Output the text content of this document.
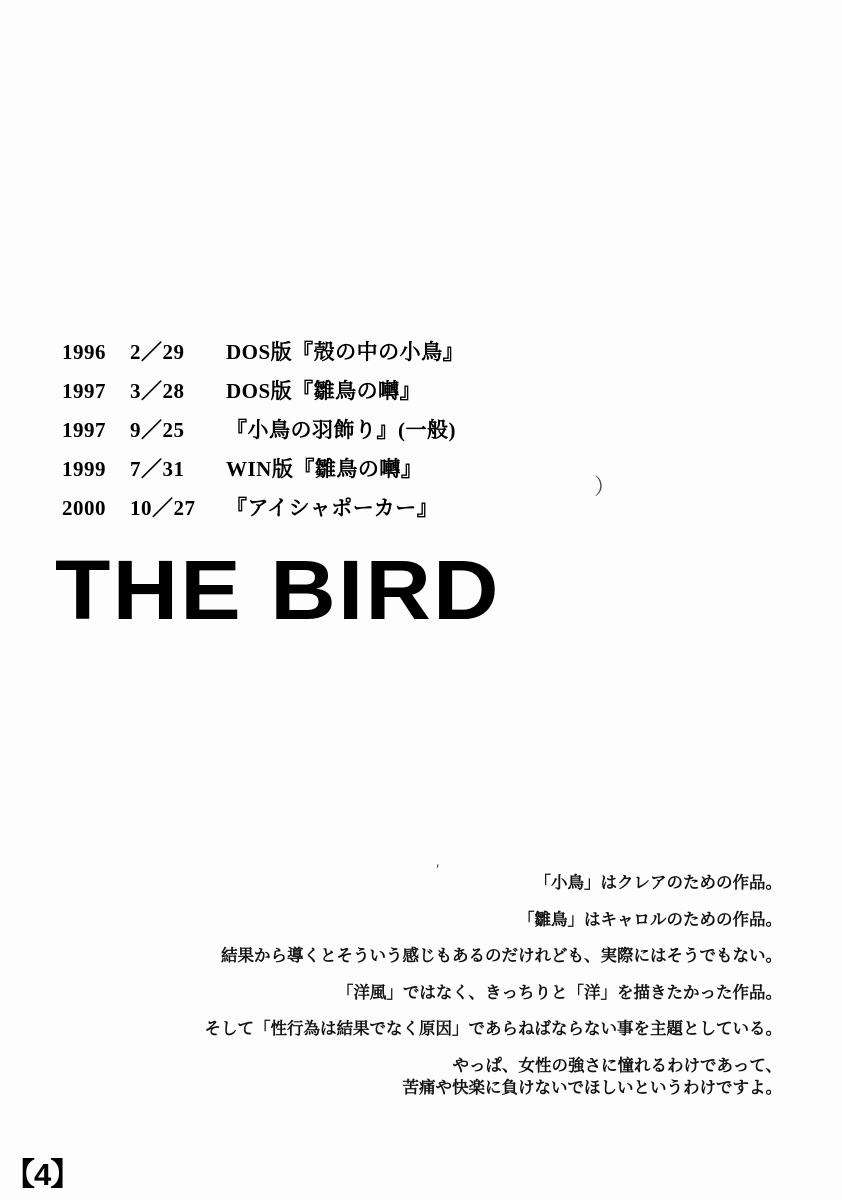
1996	2／29	DOS版『殻の中の小鳥』
1997	3／28	DOS版『雛鳥の囀』
1997	9／25	『小鳥の羽飾り』(一般)
1999	7／31	WIN版『雛鳥の囀』
2000	10／27	『アイシャポーカー』
）
THE BIRD
′

「小鳥」はクレアのための作品。

「雛鳥」はキャロルのための作品。

結果から導くとそういう感じもあるのだけれども、実際にはそうでもない。

「洋風」ではなく、きっちりと「洋」を描きたかった作品。

そして「性行為は結果でなく原因」であらねばならない事を主題としている。

やっぱ、女性の強さに憧れるわけであって、

苦痛や快楽に負けないでほしいというわけですよ。

【4】
